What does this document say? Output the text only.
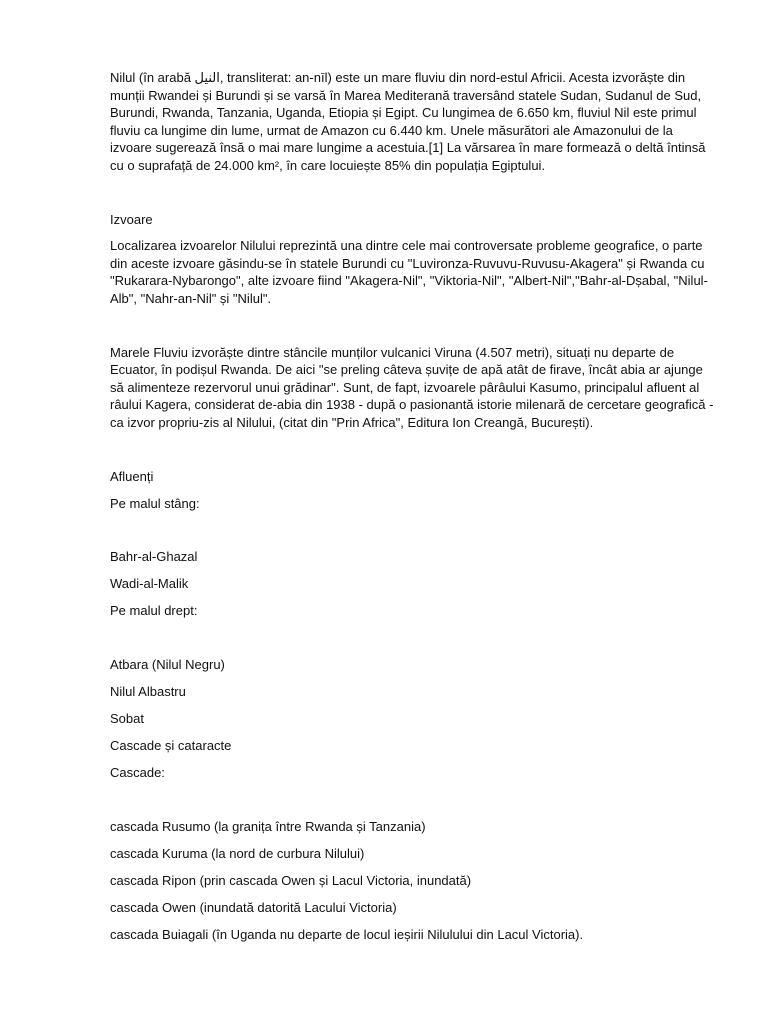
Nilul (în arabă النيل, transliterat: an-nīl) este un mare fluviu din nord-estul Africii. Acesta izvorăște din munții Rwandei și Burundi și se varsă în Marea Mediterană traversând statele Sudan, Sudanul de Sud, Burundi, Rwanda, Tanzania, Uganda, Etiopia și Egipt. Cu lungimea de 6.650 km, fluviul Nil este primul fluviu ca lungime din lume, urmat de Amazon cu 6.440 km. Unele măsurători ale Amazonului de la izvoare sugerează însă o mai mare lungime a acestuia.[1] La vărsarea în mare formează o deltă întinsă cu o suprafață de 24.000 km², în care locuiește 85% din populația Egiptului.

Izvoare

Localizarea izvoarelor Nilului reprezintă una dintre cele mai controversate probleme geografice, o parte din aceste izvoare găsindu-se în statele Burundi cu "Luvironza-Ruvuvu-Ruvusu-Akagera" și Rwanda cu "Rukarara-Nybarongo", alte izvoare fiind "Akagera-Nil", "Viktoria-Nil", "Albert-Nil","Bahr-al-Dșabal, "Nilul-Alb", "Nahr-an-Nil" și "Nilul".

Marele Fluviu izvorăște dintre stâncile munților vulcanici Viruna (4.507 metri), situați nu departe de Ecuator, în podișul Rwanda. De aici "se preling câteva șuvițe de apă atât de firave, încât abia ar ajunge să alimenteze rezervorul unui grădinar". Sunt, de fapt, izvoarele pârâului Kasumo, principalul afluent al râului Kagera, considerat de-abia din 1938 - după o pasionantă istorie milenară de cercetare geografică - ca izvor propriu-zis al Nilului, (citat din "Prin Africa", Editura Ion Creangă, București).

Afluenți

Pe malul stâng:

Bahr-al-Ghazal

Wadi-al-Malik

Pe malul drept:

Atbara (Nilul Negru)

Nilul Albastru

Sobat

Cascade și cataracte

Cascade:

cascada Rusumo (la granița între Rwanda și Tanzania)

cascada Kuruma (la nord de curbura Nilului)

cascada Ripon (prin cascada Owen și Lacul Victoria, inundată)

cascada Owen (inundată datorită Lacului Victoria)

cascada Buiagali (în Uganda nu departe de locul ieșirii Nilulului din Lacul Victoria).
